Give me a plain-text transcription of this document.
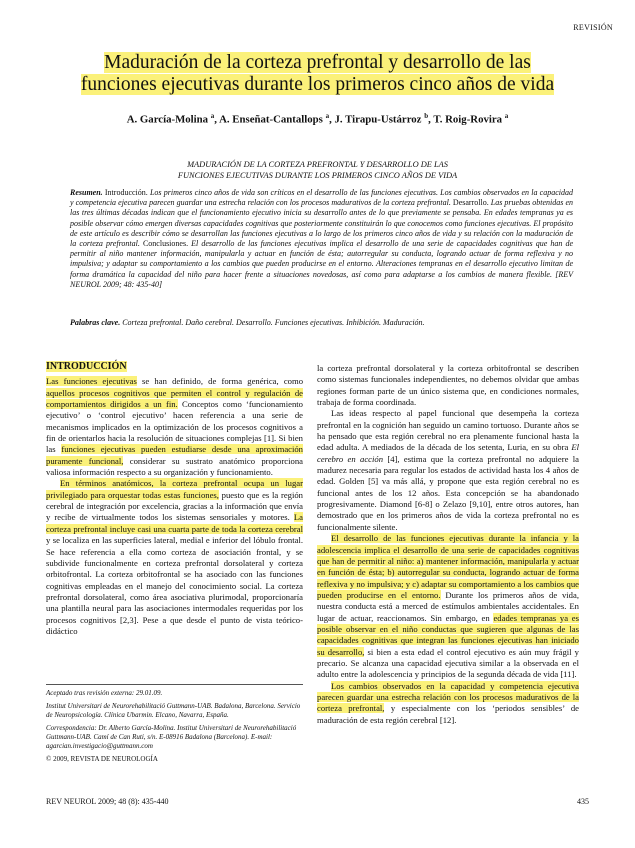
REVISIÓN
Maduración de la corteza prefrontal y desarrollo de las
funciones ejecutivas durante los primeros cinco años de vida
A. García-Molina $^a$, A. Enseñat-Cantallops $^a$, J. Tirapu-Ustárroz $^b$, T. Roig-Rovira $^a$
MADURACIÓN DE LA CORTEZA PREFRONTAL Y DESARROLLO DE LAS
FUNCIONES EJECUTIVAS DURANTE LOS PRIMEROS CINCO AÑOS DE VIDA
Resumen. Introducción. Los primeros cinco años de vida son críticos en el desarrollo de las funciones ejecutivas. Los cambios observados en la capacidad y competencia ejecutiva parecen guardar una estrecha relación con los procesos madurativos de la corteza prefrontal. Desarrollo. Las pruebas obtenidas en las tres últimas décadas indican que el funcionamiento ejecutivo inicia su desarrollo antes de lo que previamente se pensaba. En edades tempranas ya es posible observar cómo emergen diversas capacidades cognitivas que posteriormente constituirán lo que conocemos como funciones ejecutivas. El propósito de este artículo es describir cómo se desarrollan las funciones ejecutivas a lo largo de los primeros cinco años de vida y su relación con la maduración de la corteza prefrontal. Conclusiones. El desarrollo de las funciones ejecutivas implica el desarrollo de una serie de capacidades cognitivas que han de permitir al niño mantener información, manipularla y actuar en función de ésta; autorregular su conducta, logrando actuar de forma reflexiva y no impulsiva; y adaptar su comportamiento a los cambios que pueden producirse en el entorno. Alteraciones tempranas en el desarrollo ejecutivo limitan de forma dramática la capacidad del niño para hacer frente a situaciones novedosas, así como para adaptarse a los cambios de manera flexible. [REV NEUROL 2009; 48: 435-40]
Palabras clave. Corteza prefrontal. Daño cerebral. Desarrollo. Funciones ejecutivas. Inhibición. Maduración.
INTRODUCCIÓN

Las funciones ejecutivas se han definido, de forma genérica, como aquellos procesos cognitivos que permiten el control y regulación de comportamientos dirigidos a un fin. Conceptos como ‘funcionamiento ejecutivo’ o ‘control ejecutivo’ hacen referencia a una serie de mecanismos implicados en la optimización de los procesos cognitivos a fin de orientarlos hacia la resolución de situaciones complejas [1]. Si bien las funciones ejecutivas pueden estudiarse desde una aproximación puramente funcional, considerar su sustrato anatómico proporciona valiosa información respecto a su organización y funcionamiento.

En términos anatómicos, la corteza prefrontal ocupa un lugar privilegiado para orquestar todas estas funciones, puesto que es la región cerebral de integración por excelencia, gracias a la información que envía y recibe de virtualmente todos los sistemas sensoriales y motores. La corteza prefrontal incluye casi una cuarta parte de toda la corteza cerebral y se localiza en las superficies lateral, medial e inferior del lóbulo frontal. Se hace referencia a ella como corteza de asociación frontal, y se subdivide funcionalmente en corteza prefrontal dorsolateral y corteza orbitofrontal. La corteza orbitofrontal se ha asociado con las funciones cognitivas empleadas en el manejo del conocimiento social. La corteza prefrontal dorsolateral, como área asociativa plurimodal, proporcionaría una plantilla neural para las asociaciones intermodales requeridas por los procesos cognitivos [2,3]. Pese a que desde el punto de vista teórico-didáctico

Aceptado tras revisión externa: 29.01.09.

Institut Universitari de Neurorehabilitació Guttmann-UAB. Badalona, Barcelona. Servicio de Neuropsicología. Clínica Ubarmin. Elcano, Navarra, España.

Correspondencia: Dr. Alberto García-Molina. Institut Universitari de Neurorehabilitació Guttmann-UAB. Camí de Can Ruti, s/n. E-08916 Badalona (Barcelona). E-mail: agarcian.investigacio@guttmann.com

© 2009, REVISTA DE NEUROLOGÍA

la corteza prefrontal dorsolateral y la corteza orbitofrontal se describen como sistemas funcionales independientes, no debemos olvidar que ambas regiones forman parte de un único sistema que, en condiciones normales, trabaja de forma coordinada.

Las ideas respecto al papel funcional que desempeña la corteza prefrontal en la cognición han seguido un camino tortuoso. Durante años se ha pensado que esta región cerebral no era plenamente funcional hasta la edad adulta. A mediados de la década de los setenta, Luria, en su obra El cerebro en acción [4], estima que la corteza prefrontal no adquiere la madurez necesaria para regular los estados de actividad hasta los 4 años de edad. Golden [5] va más allá, y propone que esta región cerebral no es funcional antes de los 12 años. Esta concepción se ha abandonado progresivamente. Diamond [6-8] o Zelazo [9,10], entre otros autores, han demostrado que en los primeros años de vida la corteza prefrontal no es funcionalmente silente.

El desarrollo de las funciones ejecutivas durante la infancia y la adolescencia implica el desarrollo de una serie de capacidades cognitivas que han de permitir al niño: a) mantener información, manipularla y actuar en función de ésta; b) autorregular su conducta, logrando actuar de forma reflexiva y no impulsiva; y c) adaptar su comportamiento a los cambios que pueden producirse en el entorno. Durante los primeros años de vida, nuestra conducta está a merced de estímulos ambientales accidentales. En lugar de actuar, reaccionamos. Sin embargo, en edades tempranas ya es posible observar en el niño conductas que sugieren que algunas de las capacidades cognitivas que integran las funciones ejecutivas han iniciado su desarrollo, si bien a esta edad el control ejecutivo es aún muy frágil y precario. Se alcanza una capacidad ejecutiva similar a la observada en el adulto entre la adolescencia y principios de la segunda década de vida [11].

Los cambios observados en la capacidad y competencia ejecutiva parecen guardar una estrecha relación con los procesos madurativos de la corteza prefrontal, y especialmente con los ‘periodos sensibles’ de maduración de esta región cerebral [12].

REV NEUROL 2009; 48 (8): 435-440	435
